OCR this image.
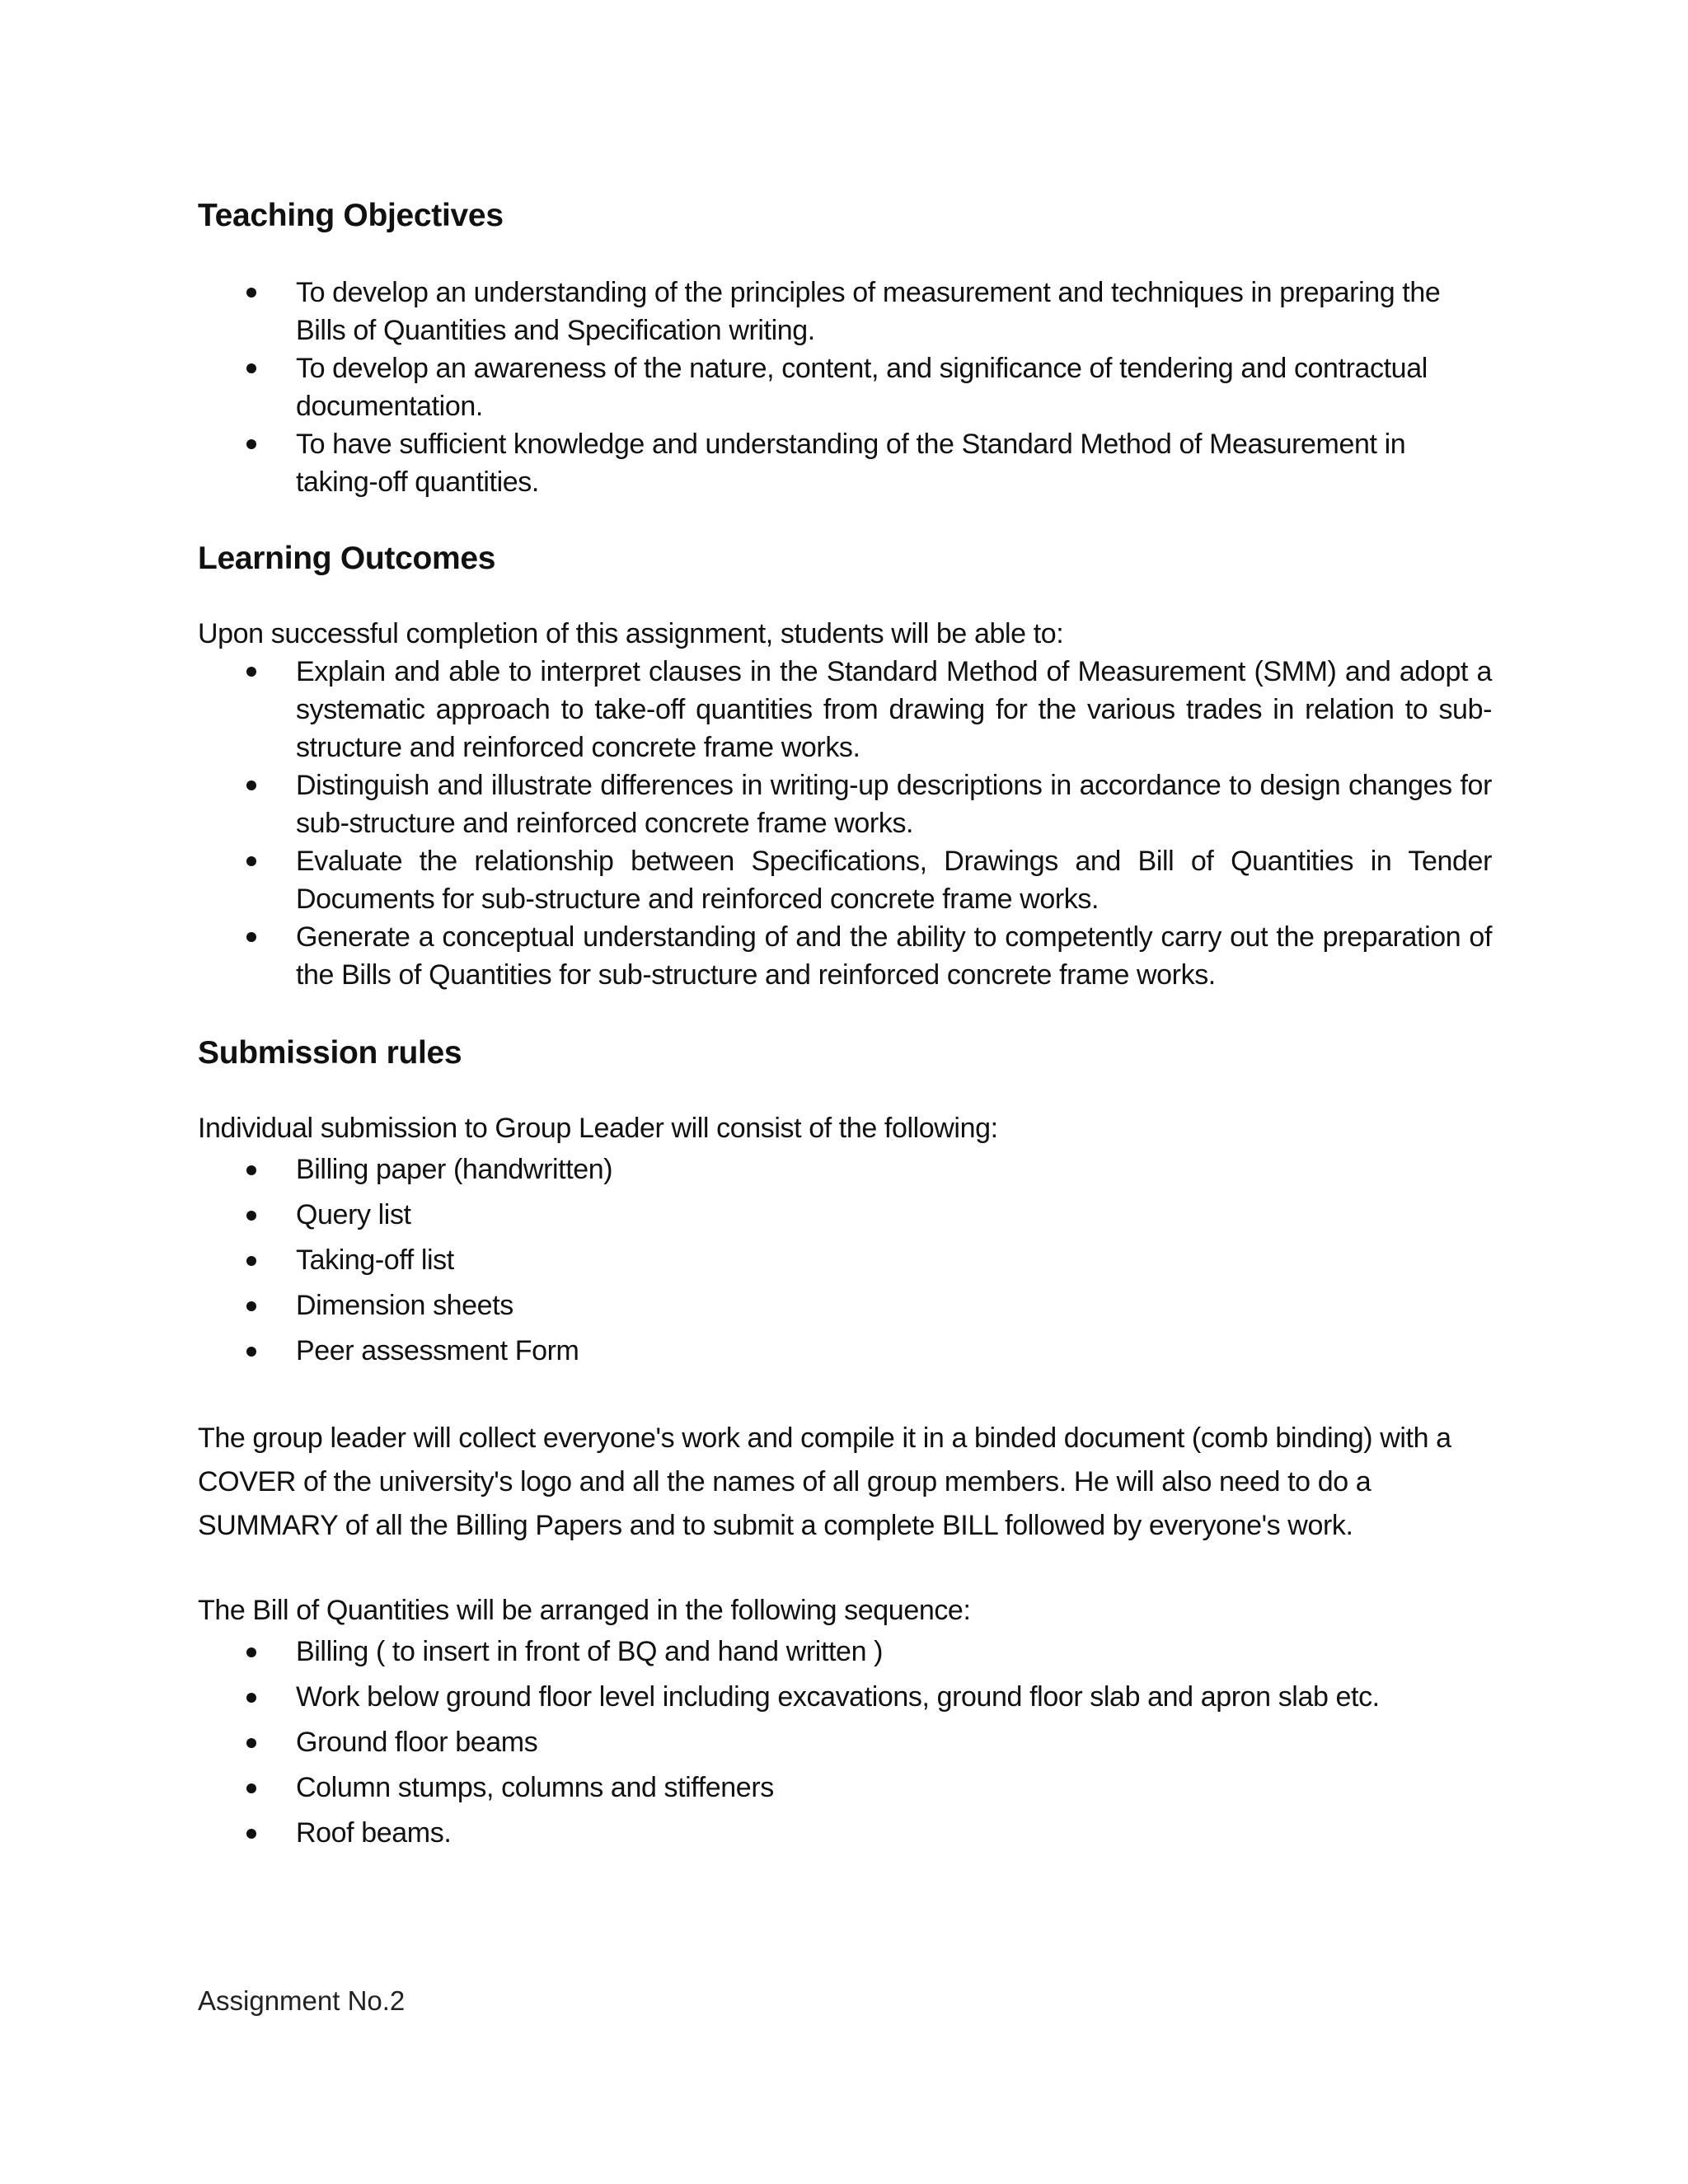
Teaching Objectives
To develop an understanding of the principles of measurement and techniques in preparing the Bills of Quantities and Specification writing.
To develop an awareness of the nature, content, and significance of tendering and contractual documentation.
To have sufficient knowledge and understanding of the Standard Method of Measurement in taking-off quantities.
Learning Outcomes

Upon successful completion of this assignment, students will be able to:

Explain and able to interpret clauses in the Standard Method of Measurement (SMM) and adopt a systematic approach to take-off quantities from drawing for the various trades in relation to sub-structure and reinforced concrete frame works.
Distinguish and illustrate differences in writing-up descriptions in accordance to design changes for sub-structure and reinforced concrete frame works.
Evaluate the relationship between Specifications, Drawings and Bill of Quantities in Tender Documents for sub-structure and reinforced concrete frame works.
Generate a conceptual understanding of and the ability to competently carry out the preparation of the Bills of Quantities for sub-structure and reinforced concrete frame works.
Submission rules

Individual submission to Group Leader will consist of the following:

Billing paper (handwritten)
Query list
Taking-off list
Dimension sheets
Peer assessment Form

The group leader will collect everyone's work and compile it in a binded document (comb binding) with a COVER of the university's logo and all the names of all group members. He will also need to do a SUMMARY of all the Billing Papers and to submit a complete BILL followed by everyone's work.

The Bill of Quantities will be arranged in the following sequence:

Billing ( to insert in front of BQ and hand written )
Work below ground floor level including excavations, ground floor slab and apron slab etc.
Ground floor beams
Column stumps, columns and stiffeners
Roof beams.
Assignment No.2
